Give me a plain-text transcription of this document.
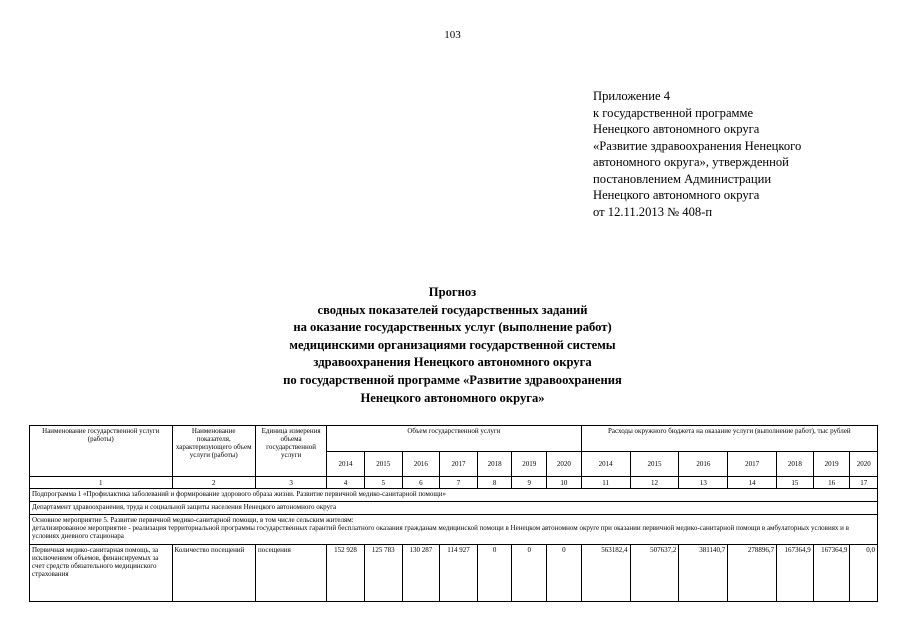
103
Приложение 4
к государственной программе
Ненецкого автономного округа
«Развитие здравоохранения Ненецкого
автономного округа», утвержденной
постановлением Администрации
Ненецкого автономного округа
от 12.11.2013 № 408-п
Прогноз
сводных показателей государственных заданий
на оказание государственных услуг (выполнение работ)
медицинскими организациями государственной системы
здравоохранения Ненецкого автономного округа
по государственной программе «Развитие здравоохранения
Ненецкого автономного округа»
Наименование государственной услуги (работы)	Наименование показателя, характеризующего объем услуги (работы)	Единица измерения объема государственной услуги	Объем государственной услуги							Расходы окружного бюджета на оказание услуги (выполнение работ), тыс рублей						
			2014	2015	2016	2017	2018	2019	2020	2014	2015	2016	2017	2018	2019	2020
1	2	3	4	5	6	7	8	9	10	11	12	13	14	15	16	17
Подпрограмма 1 «Профилактика заболеваний и формирование здорового образа жизни. Развитие первичной медико-санитарной помощи»																
Департамент здравоохранения, труда и социальной защиты населения Ненецкого автономного округа																

Основное мероприятие 5. Развитие первичной медико-санитарной помощи, в том числе сельским жителям:
детализированное мероприятие - реализация территориальной программы государственных гарантий бесплатного оказания гражданам медицинской помощи в Ненецком автономном округе при оказании первичной медико-санитарной помощи в амбулаторных условиях и в условиях дневного стационара																

Первичная медико-санитарная помощь, за исключением объемов, финансируемых за счет средств обязательного медицинского страхования	Количество посещений	посещения	152 928	125 783	130 287	114 927	0	0	0	563182,4	507637,2	381140,7	278896,7	167364,9	167364,9	0,0
